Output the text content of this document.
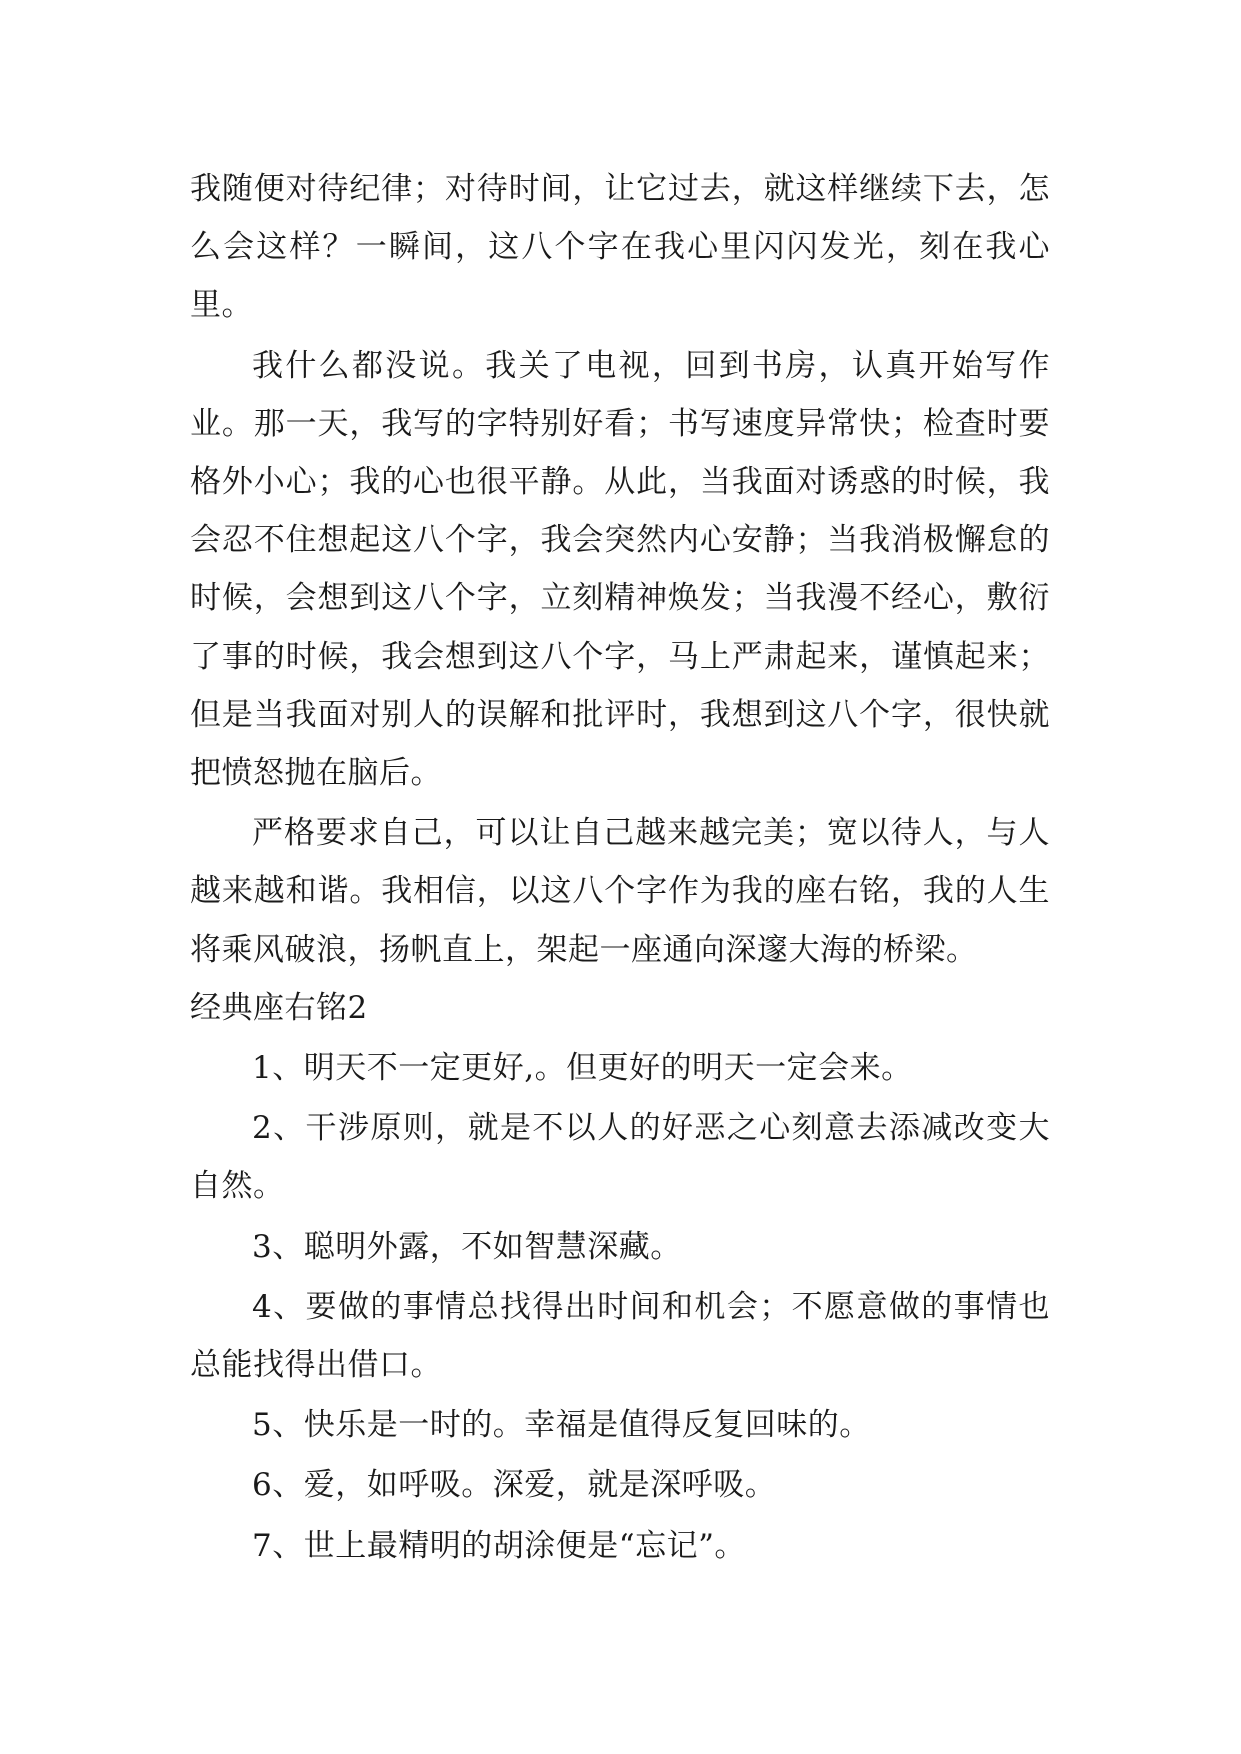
我随便对待纪律；对待时间，让它过去，就这样继续下去，怎么会这样？一瞬间，这八个字在我心里闪闪发光，刻在我心里。

我什么都没说。我关了电视，回到书房，认真开始写作业。那一天，我写的字特别好看；书写速度异常快；检查时要格外小心；我的心也很平静。从此，当我面对诱惑的时候，我会忍不住想起这八个字，我会突然内心安静；当我消极懈怠的时候，会想到这八个字，立刻精神焕发；当我漫不经心，敷衍了事的时候，我会想到这八个字，马上严肃起来，谨慎起来；但是当我面对别人的误解和批评时，我想到这八个字，很快就把愤怒抛在脑后。

严格要求自己，可以让自己越来越完美；宽以待人，与人越来越和谐。我相信，以这八个字作为我的座右铭，我的人生将乘风破浪，扬帆直上，架起一座通向深邃大海的桥梁。

经典座右铭2

1、明天不一定更好,。但更好的明天一定会来。

2、干涉原则，就是不以人的好恶之心刻意去添减改变大自然。

3、聪明外露，不如智慧深藏。

4、要做的事情总找得出时间和机会；不愿意做的事情也总能找得出借口。

5、快乐是一时的。幸福是值得反复回味的。

6、爱，如呼吸。深爱，就是深呼吸。

7、世上最精明的胡涂便是“忘记”。
